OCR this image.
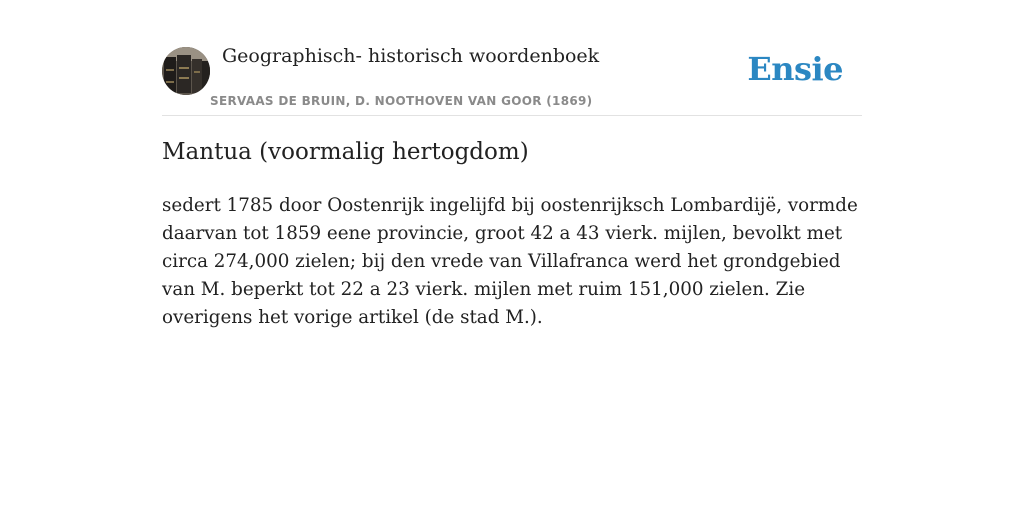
Geographisch- historisch woordenboek
SERVAAS DE BRUIN, D. NOOTHOVEN VAN GOOR (1869)
Ensie
Mantua (voormalig hertogdom)

sedert 1785 door Oostenrijk ingelijfd bij oostenrijksch Lombardijë, vormde daarvan tot 1859 eene provincie, groot 42 a 43 vierk. mijlen, bevolkt met circa 274,000 zielen; bij den vrede van Villafranca werd het grondgebied van M. beperkt tot 22 a 23 vierk. mijlen met ruim 151,000 zielen. Zie overigens het vorige artikel (de stad M.).
